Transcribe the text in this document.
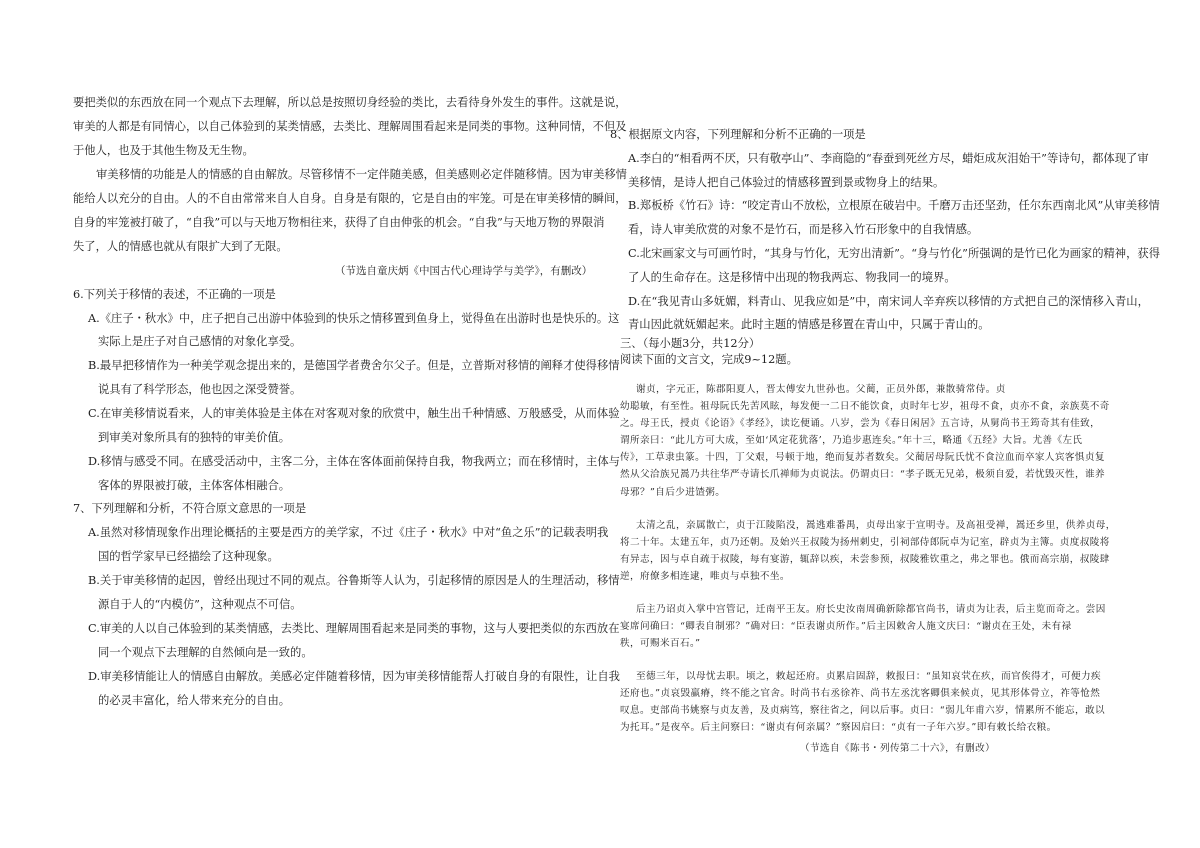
要把类似的东西放在同一个观点下去理解，所以总是按照切身经验的类比，去看待身外发生的事件。这就是说，
审美的人都是有同情心，以自己体验到的某类情感，去类比、理解周围看起来是同类的事物。这种同情，不但及
于他人，也及于其他生物及无生物。
审美移情的功能是人的情感的自由解放。尽管移情不一定伴随美感，但美感则必定伴随移情。因为审美移情
能给人以充分的自由。人的不自由常常来自人自身。自身是有限的，它是自由的牢笼。可是在审美移情的瞬间，
自身的牢笼被打破了，“自我”可以与天地万物相往来，获得了自由伸张的机会。“自我”与天地万物的界限消
失了，人的情感也就从有限扩大到了无限。
（节选自童庆炳《中国古代心理诗学与美学》，有删改）
6.下列关于移情的表述，不正确的一项是
A.《庄子・秋水》中，庄子把自己出游中体验到的快乐之情移置到鱼身上，觉得鱼在出游时也是快乐的。这
实际上是庄子对自己感情的对象化享受。
B.最早把移情作为一种美学观念提出来的，是德国学者费舍尔父子。但是，立普斯对移情的阐释才使得移情
说具有了科学形态，他也因之深受赞誉。
C.在审美移情说看来，人的审美体验是主体在对客观对象的欣赏中，触生出千种情感、万般感受，从而体验
到审美对象所具有的独特的审美价值。
D.移情与感受不同。在感受活动中，主客二分，主体在客体面前保持自我，物我两立；而在移情时，主体与
客体的界限被打破，主体客体相融合。
7、下列理解和分析，不符合原文意思的一项是
A.虽然对移情现象作出理论概括的主要是西方的美学家，不过《庄子・秋水》中对“鱼之乐”的记载表明我
国的哲学家早已经描绘了这种现象。
B.关于审美移情的起因，曾经出现过不同的观点。谷鲁斯等人认为，引起移情的原因是人的生理活动，移情
源自于人的“内模仿”，这种观点不可信。
C.审美的人以自己体验到的某类情感，去类比、理解周围看起来是同类的事物，这与人要把类似的东西放在
同一个观点下去理解的自然倾向是一致的。
D.审美移情能让人的情感自由解放。美感必定伴随着移情，因为审美移情能帮人打破自身的有限性，让自我
的必灵丰富化，给人带来充分的自由。
8、根据原文内容，下列理解和分析不正确的一项是
A.李白的“相看两不厌，只有敬亭山”、李商隐的“春蚕到死丝方尽，蜡炬成灰泪始干”等诗句，都体现了审
美移情，是诗人把自己体验过的情感移置到景或物身上的结果。
B.郑板桥《竹石》诗：“咬定青山不放松，立根原在破岩中。千磨万击还坚劲，任尔东西南北风”从审美移情
看，诗人审美欣赏的对象不是竹石，而是移入竹石形象中的自我情感。
C.北宋画家文与可画竹时，“其身与竹化，无穷出清新”。“身与竹化”所强调的是竹已化为画家的精神，获得
了人的生命存在。这是移情中出现的物我两忘、物我同一的境界。
D.在“我见青山多妩媚，料青山、见我应如是”中，南宋词人辛弃疾以移情的方式把自己的深情移入青山，
青山因此就妩媚起来。此时主题的情感是移置在青山中，只属于青山的。
三、（每小题3分，共12分）
阅读下面的文言文，完成9~12题。
谢贞，字元正，陈郡阳夏人，晋太傅安九世孙也。父蔺，正员外郎，兼散骑常侍。贞
幼聪敏，有至性。祖母阮氏先苦风眩，每发便一二日不能饮食，贞时年七岁，祖母不食，贞亦不食，亲族莫不奇
之。母王氏，授贞《论语》《孝经》，读讫便诵。八岁，尝为《春日闲居》五言诗，从舅尚书王筠奇其有佳致，
谓所亲曰：“此儿方可大成，至如‘风定花犹落’，乃追步惠连矣。”年十三，略通《五经》大旨。尤善《左氏
传》，工草隶虫篆。十四，丁父艰，号顿于地，绝而复苏者数矣。父蔺居母阮氏忧不食泣血而卒家人宾客惧贞复
然从父洽族兄暠乃共往华严寺请长爪禅师为贞说法。仍谓贞曰：“孝子既无兄弟，极须自爱，若忧毁灭性，谁养
母邪？”自后少进馇粥。
太清之乱，亲属散亡，贞于江陵陷没，暠逃难番禺，贞母出家于宣明寺。及高祖受禅，暠还乡里，供养贞母，
将二十年。太建五年，贞乃还朝。及始兴王叔陵为扬州刺史，引祠部侍郎阮卓为记室，辟贞为主簿。贞度叔陵将
有异志，因与卓自疏于叔陵，每有宴游，辄辞以疾，未尝参预，叔陵雅钦重之，弗之罪也。俄而高宗崩，叔陵肆
逆，府僚多相连逮，唯贞与卓独不坐。
后主乃诏贞入掌中宫管记，迁南平王友。府长史汝南周确新除都官尚书，请贞为让表，后主览而奇之。尝因
宴席问确曰：“卿表自制邪？”确对曰：“臣表谢贞所作。”后主因敕舍人施文庆曰：“谢贞在王处，未有禄
秩，可赐米百石。”
至德三年，以母忧去职。顷之，敕起还府。贞累启固辞，敕报曰：“虽知哀茕在疚，而官俟得才，可便力疾
还府也。”贞哀毁羸瘠，终不能之官舍。时尚书右丞徐祚、尚书左丞沈客卿俱来候贞，见其形体骨立，祚等怆然
叹息。吏部尚书姚察与贞友善，及贞病笃，察往省之，问以后事。贞曰：“弱儿年甫六岁，情累所不能忘，敢以
为托耳。”是夜卒。后主问察曰：“谢贞有何亲属？”察因启曰：“贞有一子年六岁。”即有敕长给衣粮。
（节选自《陈书・列传第二十六》，有删改）
